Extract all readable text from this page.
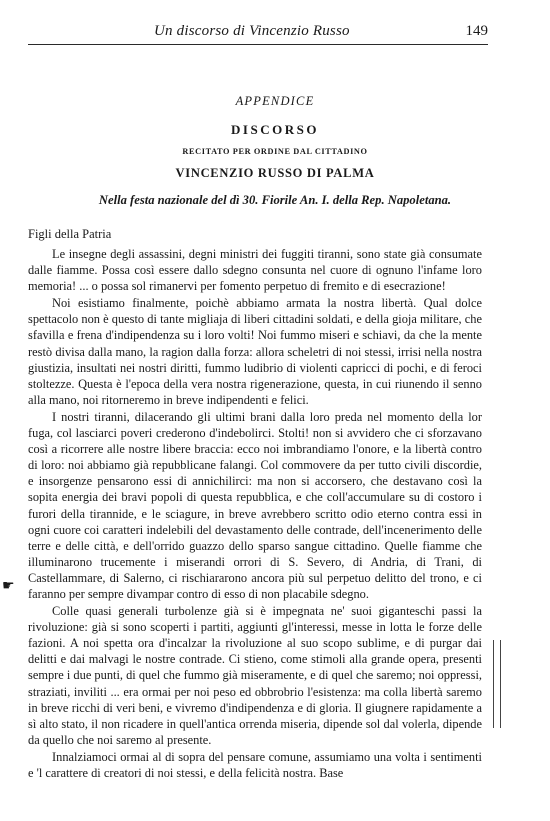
Un discorso di Vincenzio Russo	149
APPENDICE
DISCORSO
RECITATO PER ORDINE DAL CITTADINO
VINCENZIO RUSSO DI PALMA
Nella festa nazionale del dì 30. Fiorile An. I. della Rep. Napoletana.
Figli della Patria

Le insegne degli assassini, degni ministri dei fuggiti tiranni, sono state già consumate dalle fiamme. Possa così essere dallo sdegno consunta nel cuore di ognuno l'infame loro memoria! ... o possa sol rimanervi per fomento perpetuo di fremito e di esecrazione!

Noi esistiamo finalmente, poichè abbiamo armata la nostra libertà. Qual dolce spettacolo non è questo di tante migliaja di liberi cittadini soldati, e della gioja militare, che sfavilla e frena d'indipendenza su i loro volti! Noi fummo miseri e schiavi, da che la mente restò divisa dalla mano, la ragion dalla forza: allora scheletri di noi stessi, irrisi nella nostra giustizia, insultati nei nostri diritti, fummo ludibrio di violenti capricci di pochi, e di feroci stoltezze. Questa è l'epoca della vera nostra rigenerazione, questa, in cui riunendo il senno alla mano, noi ritorneremo in breve indipendenti e felici.

I nostri tiranni, dilacerando gli ultimi brani dalla loro preda nel momento della lor fuga, col lasciarci poveri crederono d'indebolirci. Stolti! non si avvidero che ci sforzavano così a ricorrere alle nostre libere braccia: ecco noi imbrandiamo l'onore, e la libertà contro di loro: noi abbiamo già repubblicane falangi. Col commovere da per tutto civili discordie, e insorgenze pensarono essi di annichilirci: ma non si accorsero, che destavano così la sopita energia dei bravi popoli di questa repubblica, e che coll'accumulare su di costoro i furori della tirannide, e le sciagure, in breve avrebbero scritto odio eterno contra essi in ogni cuore coi caratteri indelebili del devastamento delle contrade, dell'incenerimento delle terre e delle città, e dell'orrido guazzo dello sparso sangue cittadino. Quelle fiamme che illuminarono trucemente i miserandi orrori di S. Severo, di Andria, di Trani, di Castellammare, di Salerno, ci rischiararono ancora più sul perpetuo delitto del trono, e ci faranno per sempre divampar contro di esso di non placabile sdegno.

Colle quasi generali turbolenze già si è impegnata ne' suoi giganteschi passi la rivoluzione: già si sono scoperti i partiti, aggiunti gl'interessi, messe in lotta le forze delle fazioni. A noi spetta ora d'incalzar la rivoluzione al suo scopo sublime, e di purgar dai delitti e dai malvagi le nostre contrade. Ci stieno, come stimoli alla grande opera, presenti sempre i due punti, di quel che fummo già miseramente, e di quel che saremo; noi oppressi, straziati, inviliti ... era ormai per noi peso ed obbrobrio l'esistenza: ma colla libertà saremo in breve ricchi di veri beni, e vivremo d'indipendenza e di gloria. Il giugnere rapidamente a sì alto stato, il non ricadere in quell'antica orrenda miseria, dipende sol dal volerla, dipende da quello che noi saremo al presente.

Innalziamoci ormai al di sopra del pensare comune, assumiamo una volta i sentimenti e 'l carattere di creatori di noi stessi, e della felicità nostra. Base

☛
